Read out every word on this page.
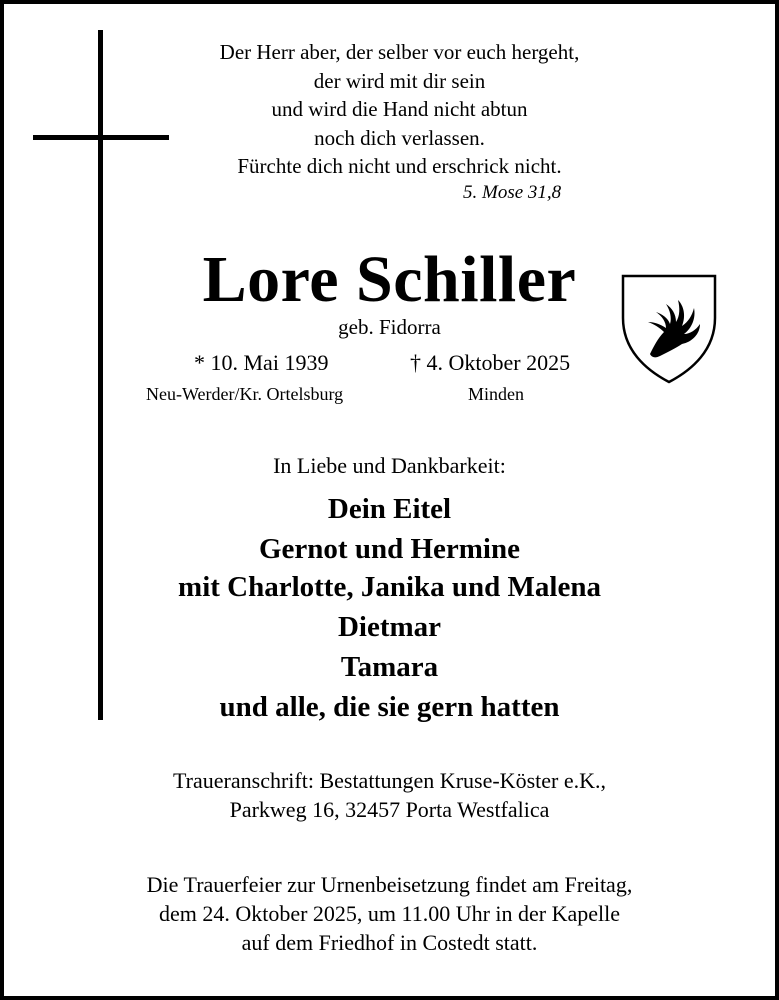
Der Herr aber, der selber vor euch hergeht,
der wird mit dir sein
und wird die Hand nicht abtun
noch dich verlassen.
Fürchte dich nicht und erschrick nicht.
5. Mose 31,8
Lore Schiller
geb. Fidorra
* 10. Mai 1939	† 4. Oktober 2025
Neu-Werder/Kr. Ortelsburg	Minden
In Liebe und Dankbarkeit:
Dein Eitel
Gernot und Hermine
mit Charlotte, Janika und Malena
Dietmar
Tamara
und alle, die sie gern hatten
Traueranschrift: Bestattungen Kruse-Köster e.K.,
Parkweg 16, 32457 Porta Westfalica
Die Trauerfeier zur Urnenbeisetzung findet am Freitag,
dem 24. Oktober 2025, um 11.00 Uhr in der Kapelle
auf dem Friedhof in Costedt statt.
